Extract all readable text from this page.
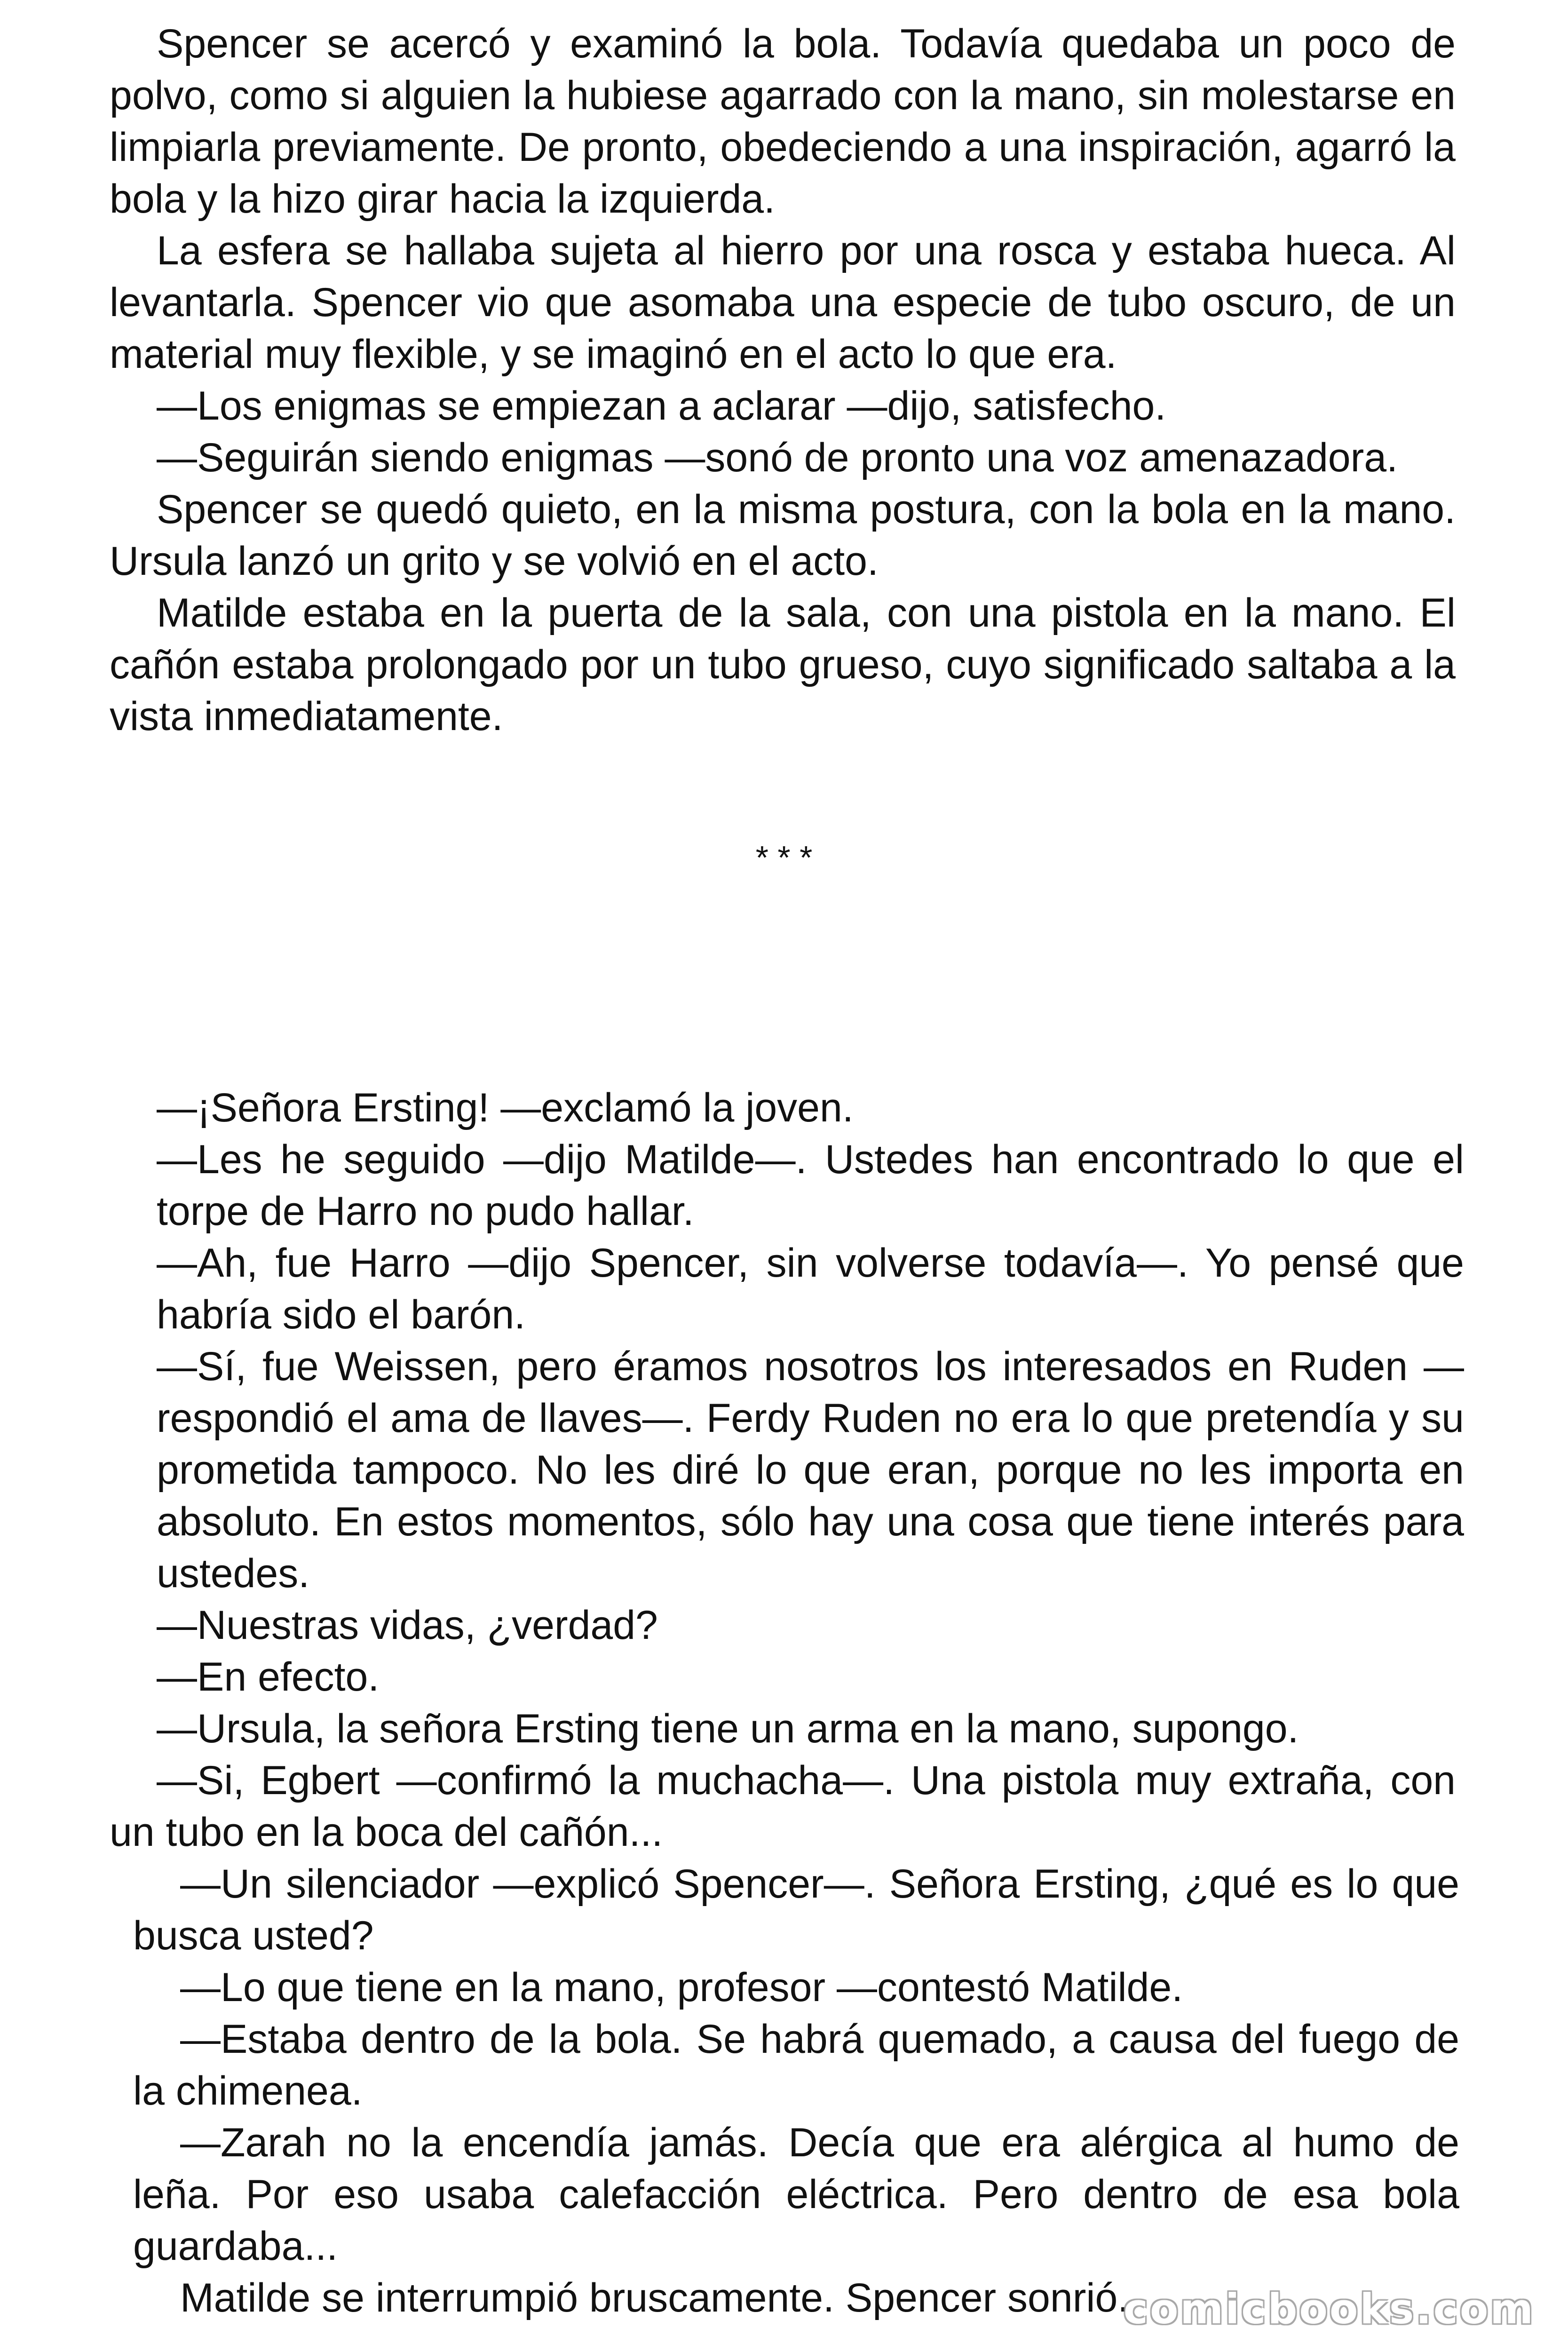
Spencer se acercó y examinó la bola. Todavía quedaba un poco de polvo, como si alguien la hubiese agarrado con la mano, sin molestarse en limpiarla previamente. De pronto, obedeciendo a una inspiración, agarró la bola y la hizo girar hacia la izquierda.

La esfera se hallaba sujeta al hierro por una rosca y estaba hueca. Al levantarla. Spencer vio que asomaba una especie de tubo oscuro, de un material muy flexible, y se imaginó en el acto lo que era.

—Los enigmas se empiezan a aclarar —dijo, satisfecho.

—Seguirán siendo enigmas —sonó de pronto una voz amenazadora.

Spencer se quedó quieto, en la misma postura, con la bola en la mano. Ursula lanzó un grito y se volvió en el acto.

Matilde estaba en la puerta de la sala, con una pistola en la mano. El cañón estaba prolongado por un tubo grueso, cuyo significado saltaba a la vista inmediatamente.

* * *

—¡Señora Ersting! —exclamó la joven.

—Les he seguido —dijo Matilde—. Ustedes han encontrado lo que el torpe de Harro no pudo hallar.

—Ah, fue Harro —dijo Spencer, sin volverse todavía—. Yo pensé que habría sido el barón.

—Sí, fue Weissen, pero éramos nosotros los interesados en Ruden —respondió el ama de llaves—. Ferdy Ruden no era lo que pretendía y su prometida tampoco. No les diré lo que eran, porque no les importa en absoluto. En estos momentos, sólo hay una cosa que tiene interés para ustedes.

—Nuestras vidas, ¿verdad?

—En efecto.

—Ursula, la señora Ersting tiene un arma en la mano, supongo.

—Si, Egbert —confirmó la muchacha—. Una pistola muy extraña, con un tubo en la boca del cañón...

—Un silenciador —explicó Spencer—. Señora Ersting, ¿qué es lo que busca usted?

—Lo que tiene en la mano, profesor —contestó Matilde.

—Estaba dentro de la bola. Se habrá quemado, a causa del fuego de la chimenea.

—Zarah no la encendía jamás. Decía que era alérgica al humo de leña. Por eso usaba calefacción eléctrica. Pero dentro de esa bola guardaba...

Matilde se interrumpió bruscamente. Spencer sonrió.

comicbooks.com
